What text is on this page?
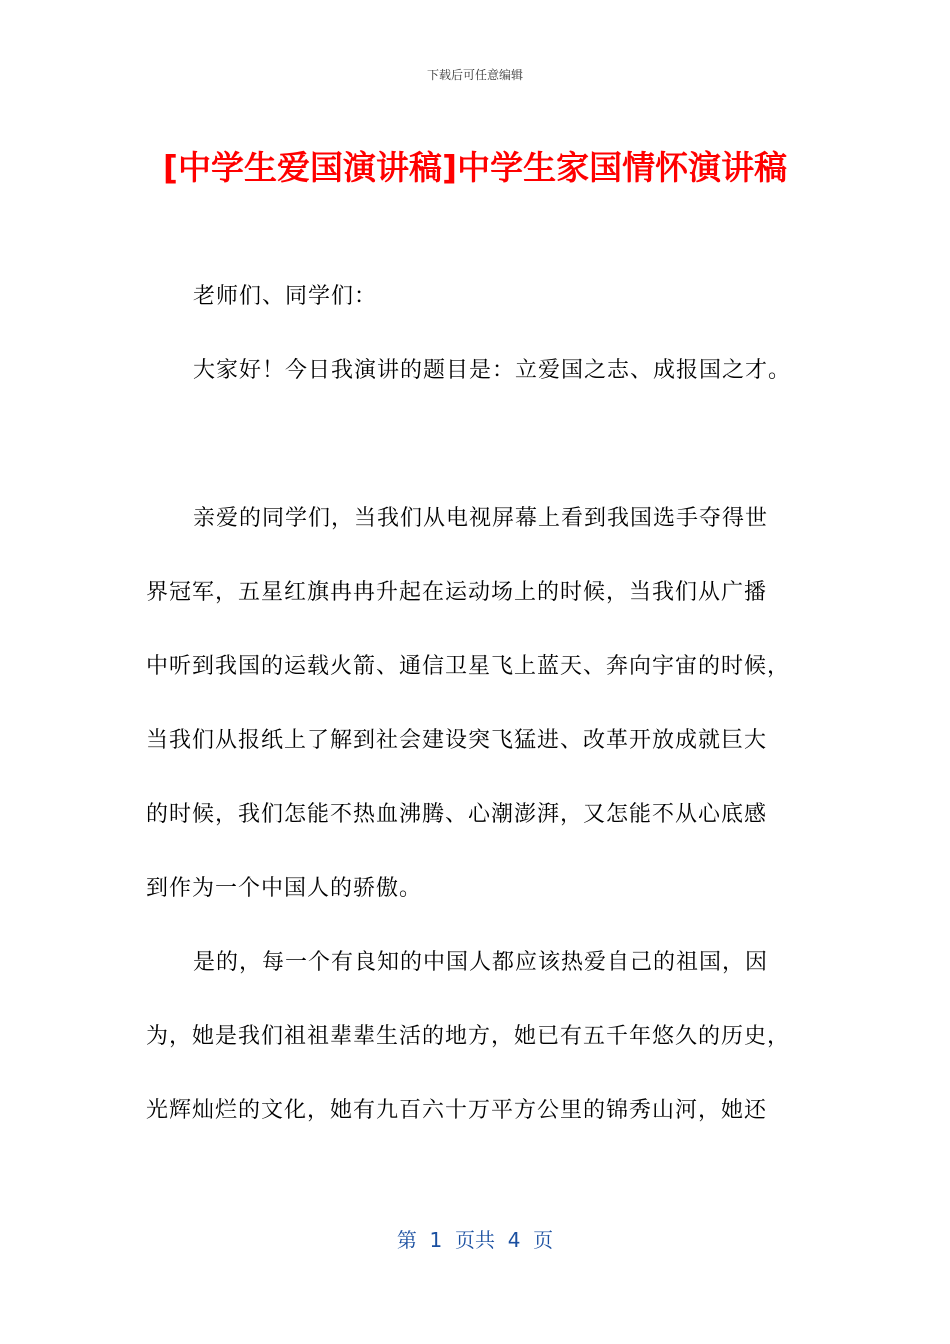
下载后可任意编辑
[中学生爱国演讲稿]中学生家国情怀演讲稿
老师们、同学们：
大家好！今日我演讲的题目是：立爱国之志、成报国之才。
亲爱的同学们，当我们从电视屏幕上看到我国选手夺得世
界冠军，五星红旗冉冉升起在运动场上的时候，当我们从广播
中听到我国的运载火箭、通信卫星飞上蓝天、奔向宇宙的时候，
当我们从报纸上了解到社会建设突飞猛进、改革开放成就巨大
的时候，我们怎能不热血沸腾、心潮澎湃，又怎能不从心底感
到作为一个中国人的骄傲。
是的，每一个有良知的中国人都应该热爱自己的祖国，因
为，她是我们祖祖辈辈生活的地方，她已有五千年悠久的历史，
光辉灿烂的文化，她有九百六十万平方公里的锦秀山河，她还
第  1  页共  4  页
